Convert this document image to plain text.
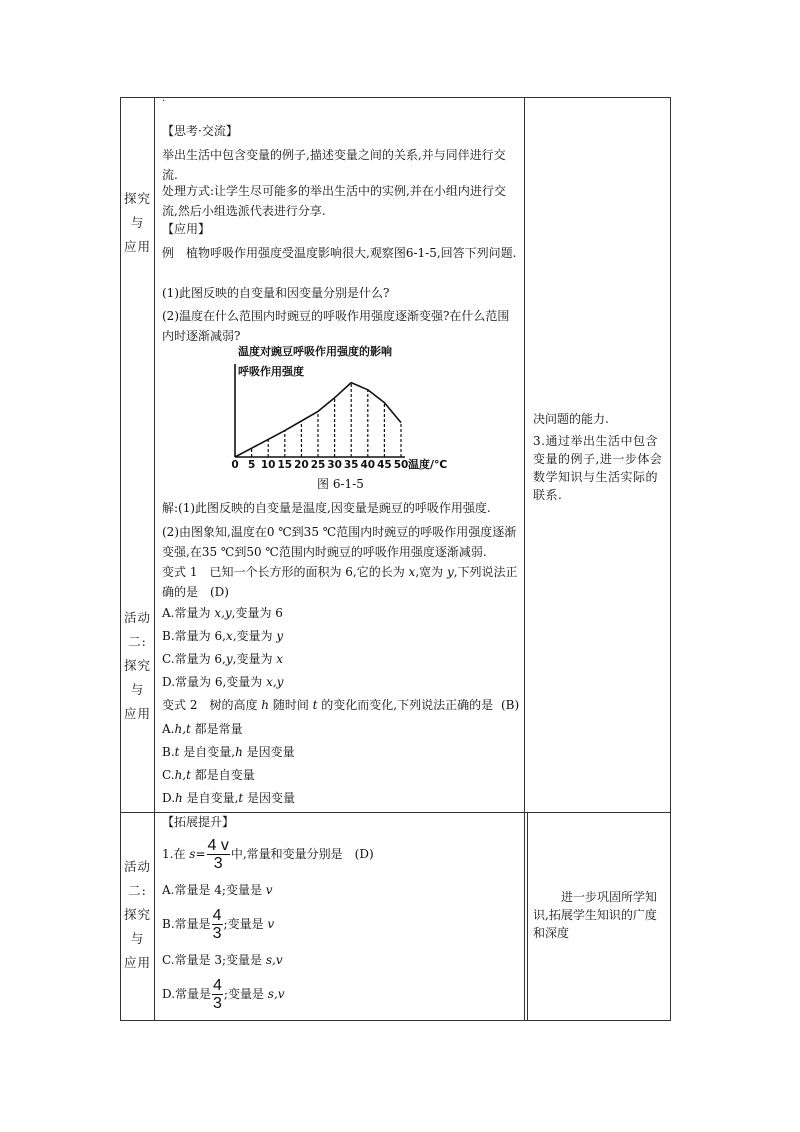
探究
与
应用
活动
二:
探究
与
应用
活动
二:
探究
与
应用
·
【思考·交流】
举出生活中包含变量的例子,描述变量之间的关系,并与同伴进行交流.
处理方式:让学生尽可能多的举出生活中的实例,并在小组内进行交流,然后小组选派代表进行分享.
【应用】
例　植物呼吸作用强度受温度影响很大,观察图6-1-5,回答下列问题.
(1)此图反映的自变量和因变量分别是什么?
(2)温度在什么范围内时豌豆的呼吸作用强度逐渐变强?在什么范围内时逐渐减弱?
温度对豌豆呼吸作用强度的影响
呼吸作用强度
0 5 10 15 20 25 30 35 40 45 50 温度/℃
图 6-1-5
解:(1)此图反映的自变量是温度,因变量是豌豆的呼吸作用强度.
(2)由图象知,温度在0 ℃到35 ℃范围内时豌豆的呼吸作用强度逐渐变强,在35 ℃到50 ℃范围内时豌豆的呼吸作用强度逐渐减弱.
变式 1　已知一个长方形的面积为 6,它的长为 x,宽为 y,下列说法正确的是　(D)
A.常量为 x,y,变量为 6
B.常量为 6,x,变量为 y
C.常量为 6,y,变量为 x
D.常量为 6,变量为 x,y
变式 2　树的高度 h 随时间 t 的变化而变化,下列说法正确的是 (B)
A.h,t 都是常量
B.t 是自变量,h 是因变量
C.h,t 都是自变量
D.h 是自变量,t 是因变量
【拓展提升】
1.在 $s= \frac{4 v}{3}$ 中,常量和变量分别是　(D)
A.常量是 4;变量是 v
B.常量是 $\frac{4}{3}$ ;变量是 v
C.常量是 3;变量是 s,v
D.常量是 $\frac{4}{3}$ ;变量是 s,v
决问题的能力.
3.通过举出生活中包含变量的例子,进一步体会数学知识与生活实际的联系.
进一步巩固所学知识,拓展学生知识的广度和深度
